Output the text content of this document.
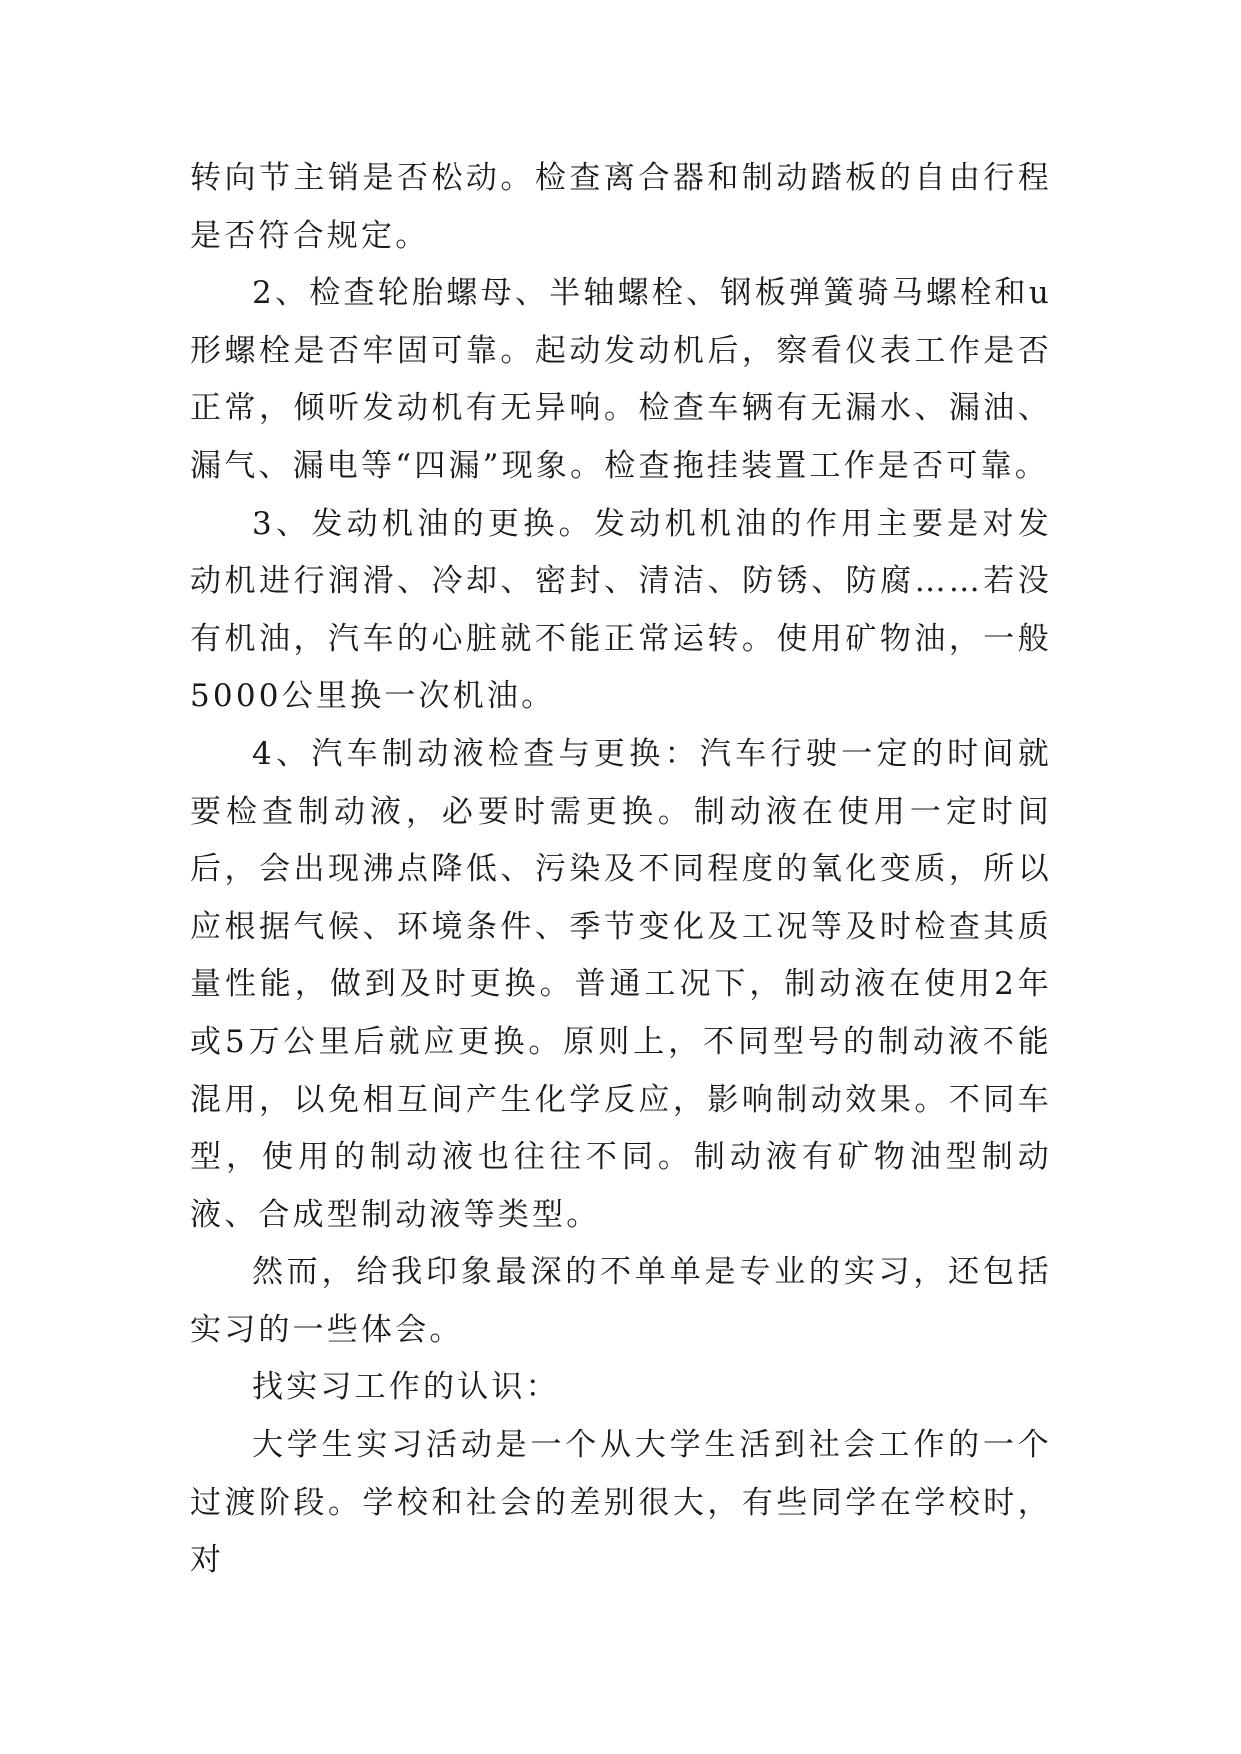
转向节主销是否松动。检查离合器和制动踏板的自由行程是否符合规定。

2、检查轮胎螺母、半轴螺栓、钢板弹簧骑马螺栓和u形螺栓是否牢固可靠。起动发动机后，察看仪表工作是否正常，倾听发动机有无异响。检查车辆有无漏水、漏油、漏气、漏电等“四漏”现象。检查拖挂装置工作是否可靠。

3、发动机油的更换。发动机机油的作用主要是对发动机进行润滑、冷却、密封、清洁、防锈、防腐……若没有机油，汽车的心脏就不能正常运转。使用矿物油，一般5000公里换一次机油。

4、汽车制动液检查与更换：汽车行驶一定的时间就要检查制动液，必要时需更换。制动液在使用一定时间后，会出现沸点降低、污染及不同程度的氧化变质，所以应根据气候、环境条件、季节变化及工况等及时检查其质量性能，做到及时更换。普通工况下，制动液在使用2年或5万公里后就应更换。原则上，不同型号的制动液不能混用，以免相互间产生化学反应，影响制动效果。不同车型，使用的制动液也往往不同。制动液有矿物油型制动液、合成型制动液等类型。

然而，给我印象最深的不单单是专业的实习，还包括实习的一些体会。

找实习工作的认识：

大学生实习活动是一个从大学生活到社会工作的一个过渡阶段。学校和社会的差别很大，有些同学在学校时，对
